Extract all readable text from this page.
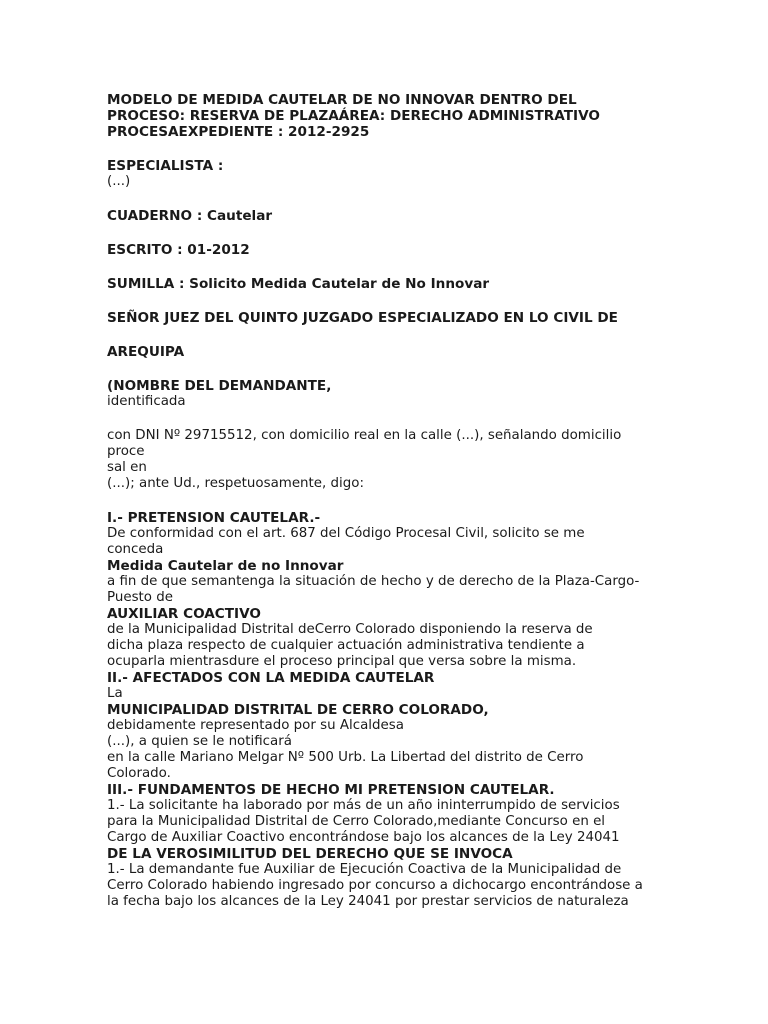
MODELO DE MEDIDA CAUTELAR DE NO INNOVAR DENTRO DEL
PROCESO: RESERVA DE PLAZAÁREA: DERECHO ADMINISTRATIVO
PROCESAEXPEDIENTE : 2012-2925
ESPECIALISTA :
(...)
CUADERNO : Cautelar
ESCRITO : 01-2012
SUMILLA : Solicito Medida Cautelar de No Innovar
SEÑOR JUEZ DEL QUINTO JUZGADO ESPECIALIZADO EN LO CIVIL DE
AREQUIPA
(NOMBRE DEL DEMANDANTE,
identificada
con DNI Nº 29715512, con domicilio real en la calle (...), señalando domicilio
proce
sal en
(...); ante Ud., respetuosamente, digo:
I.- PRETENSION CAUTELAR.-
De conformidad con el art. 687 del Código Procesal Civil, solicito se me
conceda
Medida Cautelar de no Innovar
a fin de que semantenga la situación de hecho y de derecho de la Plaza-Cargo-
Puesto de
AUXILIAR COACTIVO
de la Municipalidad Distrital deCerro Colorado disponiendo la reserva de
dicha plaza respecto de cualquier actuación administrativa tendiente a
ocuparla mientrasdure el proceso principal que versa sobre la misma.
II.- AFECTADOS CON LA MEDIDA CAUTELAR
La
MUNICIPALIDAD DISTRITAL DE CERRO COLORADO,
debidamente representado por su Alcaldesa
(...), a quien se le notificará
en la calle Mariano Melgar Nº 500 Urb. La Libertad del distrito de Cerro
Colorado.
III.- FUNDAMENTOS DE HECHO MI PRETENSION CAUTELAR.
1.- La solicitante ha laborado por más de un año ininterrumpido de servicios
para la Municipalidad Distrital de Cerro Colorado,mediante Concurso en el
Cargo de Auxiliar Coactivo encontrándose bajo los alcances de la Ley 24041
DE LA VEROSIMILITUD DEL DERECHO QUE SE INVOCA
1.- La demandante fue Auxiliar de Ejecución Coactiva de la Municipalidad de
Cerro Colorado habiendo ingresado por concurso a dichocargo encontrándose a
la fecha bajo los alcances de la Ley 24041 por prestar servicios de naturaleza
